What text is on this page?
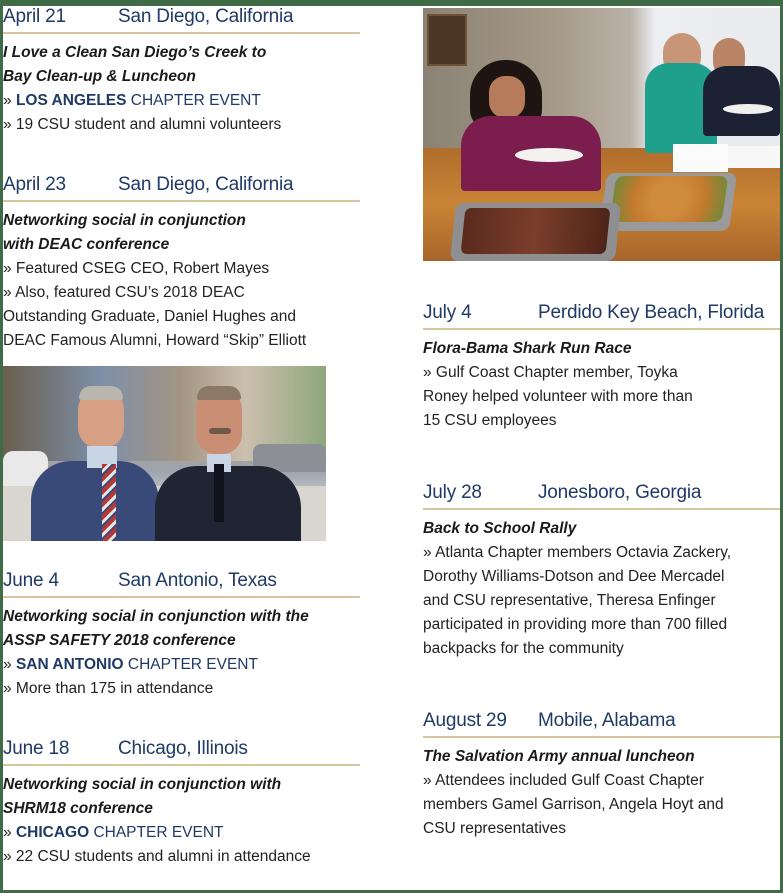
April 21	San Diego, California
I Love a Clean San Diego’s Creek to
Bay Clean-up & Luncheon
» LOS ANGELES CHAPTER EVENT
» 19 CSU student and alumni volunteers
April 23	San Diego, California
Networking social in conjunction
with DEAC conference
» Featured CSEG CEO, Robert Mayes
» Also, featured CSU’s 2018 DEAC
Outstanding Graduate, Daniel Hughes and
DEAC Famous Alumni, Howard “Skip” Elliott
June 4	San Antonio, Texas
Networking social in conjunction with the
ASSP SAFETY 2018 conference
» SAN ANTONIO CHAPTER EVENT
» More than 175 in attendance
June 18	Chicago, Illinois
Networking social in conjunction with
SHRM18 conference
» CHICAGO CHAPTER EVENT
» 22 CSU students and alumni in attendance
July 4	Perdido Key Beach, Florida
Flora-Bama Shark Run Race
» Gulf Coast Chapter member, Toyka
Roney helped volunteer with more than
15 CSU employees
July 28	Jonesboro, Georgia
Back to School Rally
» Atlanta Chapter members Octavia Zackery,
Dorothy Williams-Dotson and Dee Mercadel
and CSU representative, Theresa Enfinger
participated in providing more than 700 filled
backpacks for the community
August 29	Mobile, Alabama
The Salvation Army annual luncheon
» Attendees included Gulf Coast Chapter
members Gamel Garrison, Angela Hoyt and
CSU representatives
